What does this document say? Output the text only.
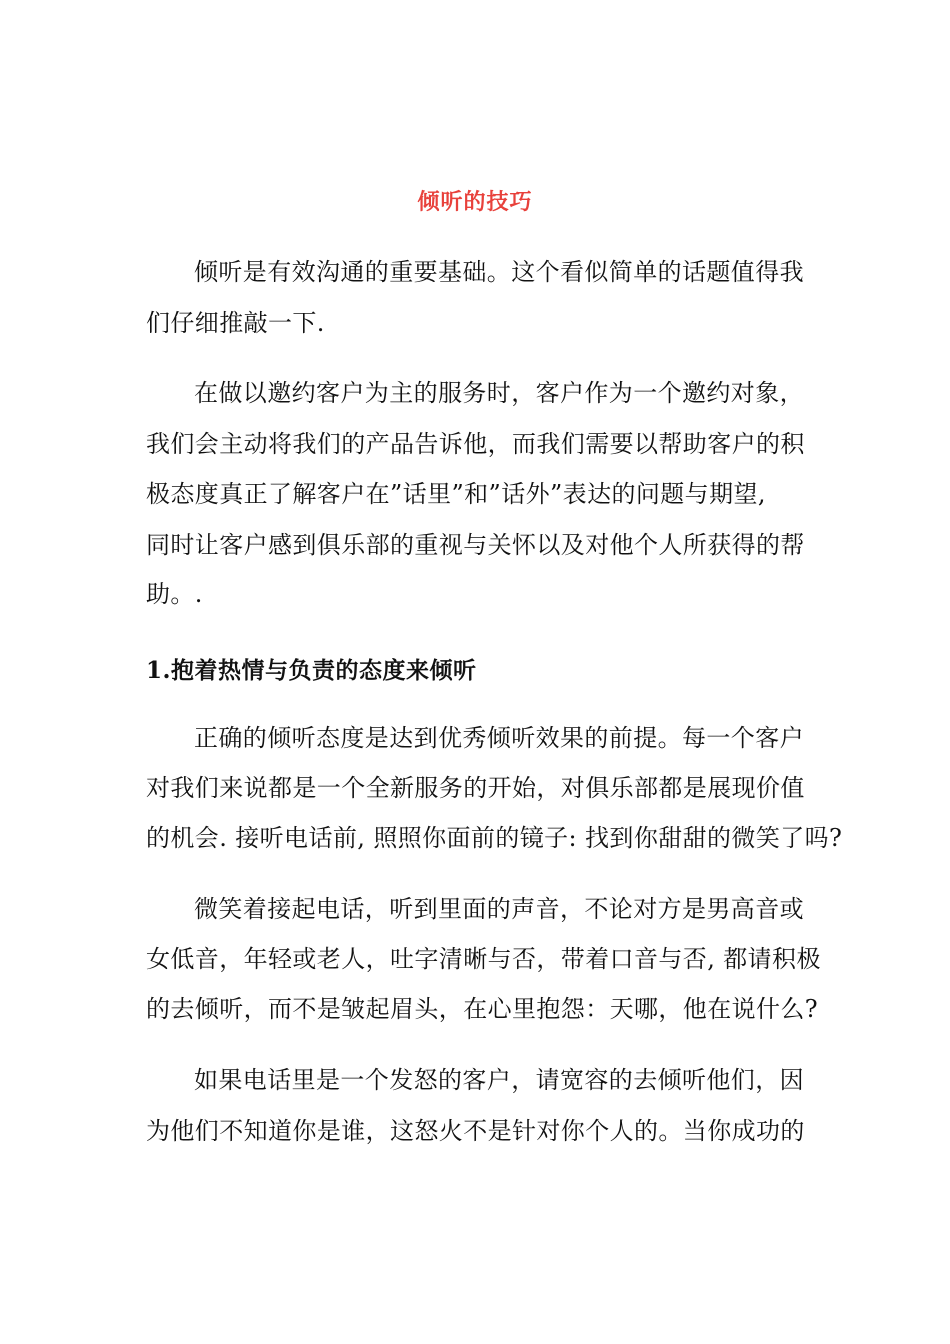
倾听的技巧
倾听是有效沟通的重要基础。这个看似简单的话题值得我
们仔细推敲一下.
在做以邀约客户为主的服务时，客户作为一个邀约对象，
我们会主动将我们的产品告诉他，而我们需要以帮助客户的积
极态度真正了解客户在”话里”和”话外”表达的问题与期望,
同时让客户感到俱乐部的重视与关怀以及对他个人所获得的帮
助。.
1.抱着热情与负责的态度来倾听
正确的倾听态度是达到优秀倾听效果的前提。每一个客户
对我们来说都是一个全新服务的开始，对俱乐部都是展现价值
的机会. 接听电话前, 照照你面前的镜子: 找到你甜甜的微笑了吗?
微笑着接起电话，听到里面的声音，不论对方是男高音或
女低音，年轻或老人，吐字清晰与否，带着口音与否, 都请积极
的去倾听，而不是皱起眉头，在心里抱怨：天哪，他在说什么?
如果电话里是一个发怒的客户，请宽容的去倾听他们，因
为他们不知道你是谁，这怒火不是针对你个人的。当你成功的
